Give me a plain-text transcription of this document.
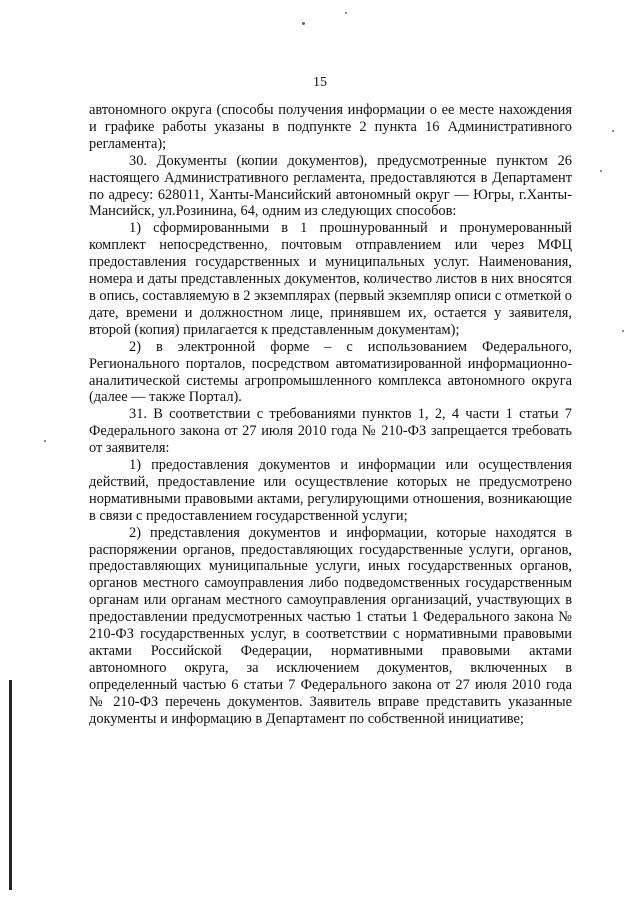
15

автономного округа (способы получения информации о ее месте нахождения и графике работы указаны в подпункте 2 пункта 16 Административного регламента);

30. Документы (копии документов), предусмотренные пунктом 26 настоящего Административного регламента, предоставляются в Департамент по адресу: 628011, Ханты-Мансийский автономный округ — Югры, г.Ханты-Мансийск, ул.Розинина, 64, одним из следующих способов:

1) сформированными в 1 прошнурованный и пронумерованный комплект непосредственно, почтовым отправлением или через МФЦ предоставления государственных и муниципальных услуг. Наименования, номера и даты представленных документов, количество листов в них вносятся в опись, составляемую в 2 экземплярах (первый экземпляр описи с отметкой о дате, времени и должностном лице, принявшем их, остается у заявителя, второй (копия) прилагается к представленным документам);

2) в электронной форме – с использованием Федерального, Регионального порталов, посредством автоматизированной информационно-аналитической системы агропромышленного комплекса автономного округа (далее — также Портал).

31. В соответствии с требованиями пунктов 1, 2, 4 части 1 статьи 7 Федерального закона от 27 июля 2010 года № 210-ФЗ запрещается требовать от заявителя:

1) предоставления документов и информации или осуществления действий, предоставление или осуществление которых не предусмотрено нормативными правовыми актами, регулирующими отношения, возникающие в связи с предоставлением государственной услуги;

2) представления документов и информации, которые находятся в распоряжении органов, предоставляющих государственные услуги, органов, предоставляющих муниципальные услуги, иных государственных органов, органов местного самоуправления либо подведомственных государственным органам или органам местного самоуправления организаций, участвующих в предоставлении предусмотренных частью 1 статьи 1 Федерального закона № 210-ФЗ государственных услуг, в соответствии с нормативными правовыми актами Российской Федерации, нормативными правовыми актами автономного округа, за исключением документов, включенных в определенный частью 6 статьи 7 Федерального закона от 27 июля 2010 года № 210-ФЗ перечень документов. Заявитель вправе представить указанные документы и информацию в Департамент по собственной инициативе;
